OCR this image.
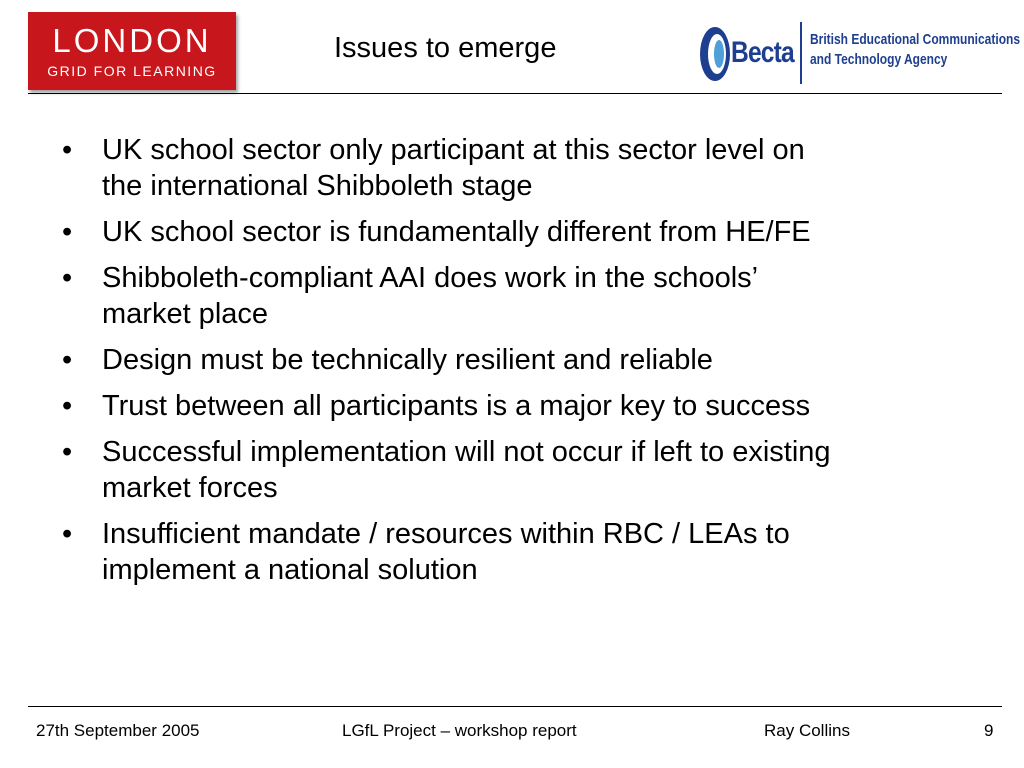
LONDON
GRID FOR LEARNING
Issues to emerge	Becta British Educational Communications
and Technology Agency
• UK school sector only participant at this sector level on
the international Shibboleth stage
• UK school sector is fundamentally different from HE/FE
• Shibboleth-compliant AAI does work in the schools’
market place
• Design must be technically resilient and reliable
• Trust between all participants is a major key to success
• Successful implementation will not occur if left to existing
market forces
• Insufficient mandate / resources within RBC / LEAs to
implement a national solution
27th September 2005	LGfL Project – workshop report	Ray Collins	9
